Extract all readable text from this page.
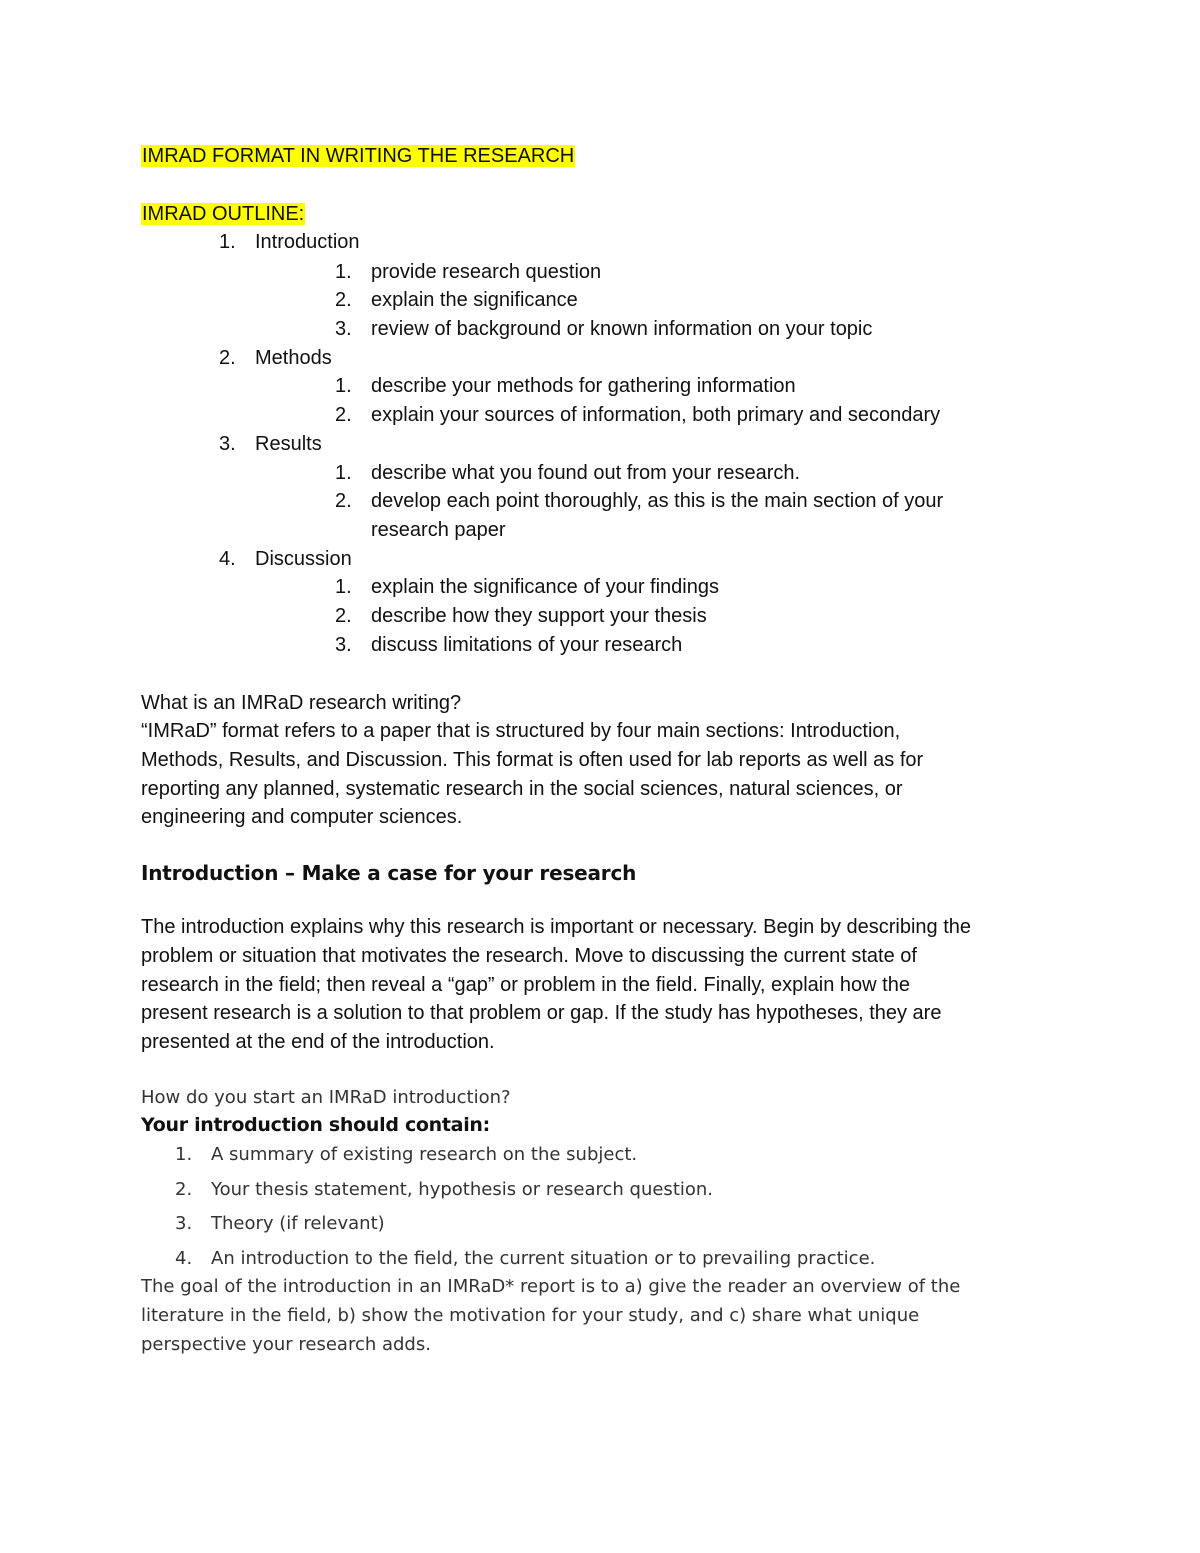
IMRAD FORMAT IN WRITING THE RESEARCH
IMRAD OUTLINE:
1. Introduction
1. provide research question
2. explain the significance
3. review of background or known information on your topic
2. Methods
1. describe your methods for gathering information
2. explain your sources of information, both primary and secondary
3. Results
1. describe what you found out from your research.
2. develop each point thoroughly, as this is the main section of your
research paper
4. Discussion
1. explain the significance of your findings
2. describe how they support your thesis
3. discuss limitations of your research
What is an IMRaD research writing?
“IMRaD” format refers to a paper that is structured by four main sections: Introduction,
Methods, Results, and Discussion. This format is often used for lab reports as well as for
reporting any planned, systematic research in the social sciences, natural sciences, or
engineering and computer sciences.
Introduction – Make a case for your research
The introduction explains why this research is important or necessary. Begin by describing the
problem or situation that motivates the research. Move to discussing the current state of
research in the field; then reveal a “gap” or problem in the field. Finally, explain how the
present research is a solution to that problem or gap. If the study has hypotheses, they are
presented at the end of the introduction.
How do you start an IMRaD introduction?
Your introduction should contain:
1. A summary of existing research on the subject.
2. Your thesis statement, hypothesis or research question.
3. Theory (if relevant)
4. An introduction to the field, the current situation or to prevailing practice.
The goal of the introduction in an IMRaD* report is to a) give the reader an overview of the
literature in the field, b) show the motivation for your study, and c) share what unique
perspective your research adds.
